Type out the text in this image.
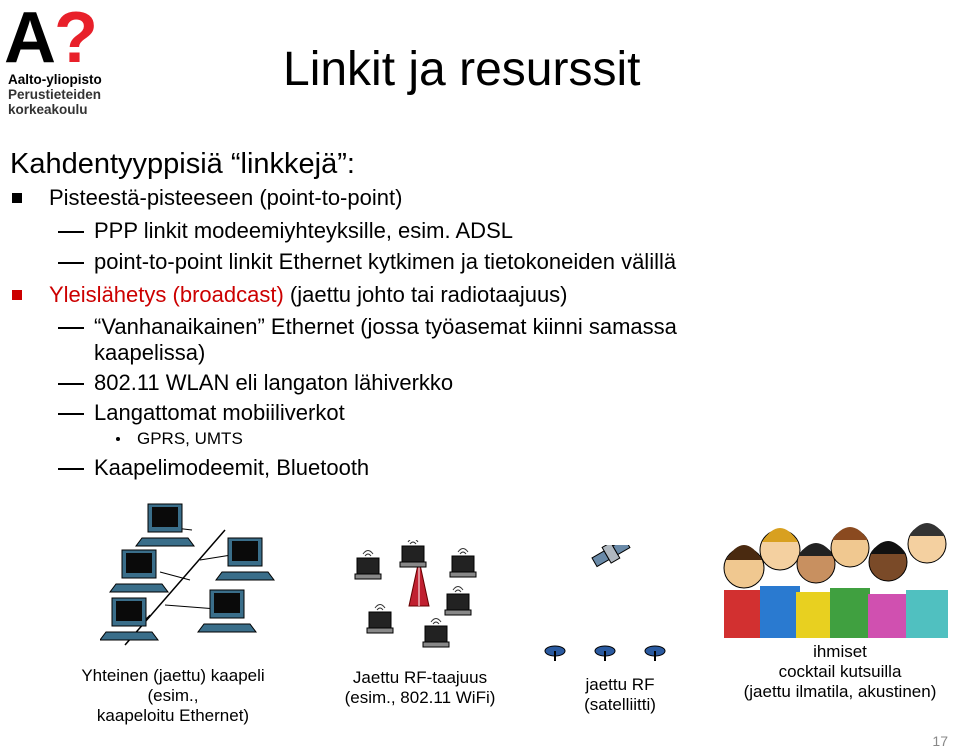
A
?
Aalto-yliopisto
Perustieteiden
korkeakoulu
Linkit ja resurssit
Kahdentyyppisiä “linkkejä”:
Pisteestä-pisteeseen (point-to-point)
PPP linkit modeemiyhteyksille, esim. ADSL
point-to-point linkit Ethernet kytkimen ja tietokoneiden välillä
Yleislähetys (broadcast) (jaettu johto tai radiotaajuus)
“Vanhanaikainen” Ethernet (jossa työasemat kiinni samassa
kaapelissa)
802.11 WLAN eli langaton lähiverkko
Langattomat mobiiliverkot
GPRS, UMTS
Kaapelimodeemit, Bluetooth
Yhteinen (jaettu) kaapeli
(esim.,
kaapeloitu Ethernet)
Jaettu RF-taajuus
(esim., 802.11 WiFi)
jaettu RF
(satelliitti)
ihmiset
cocktail kutsuilla
(jaettu ilmatila, akustinen)
17
